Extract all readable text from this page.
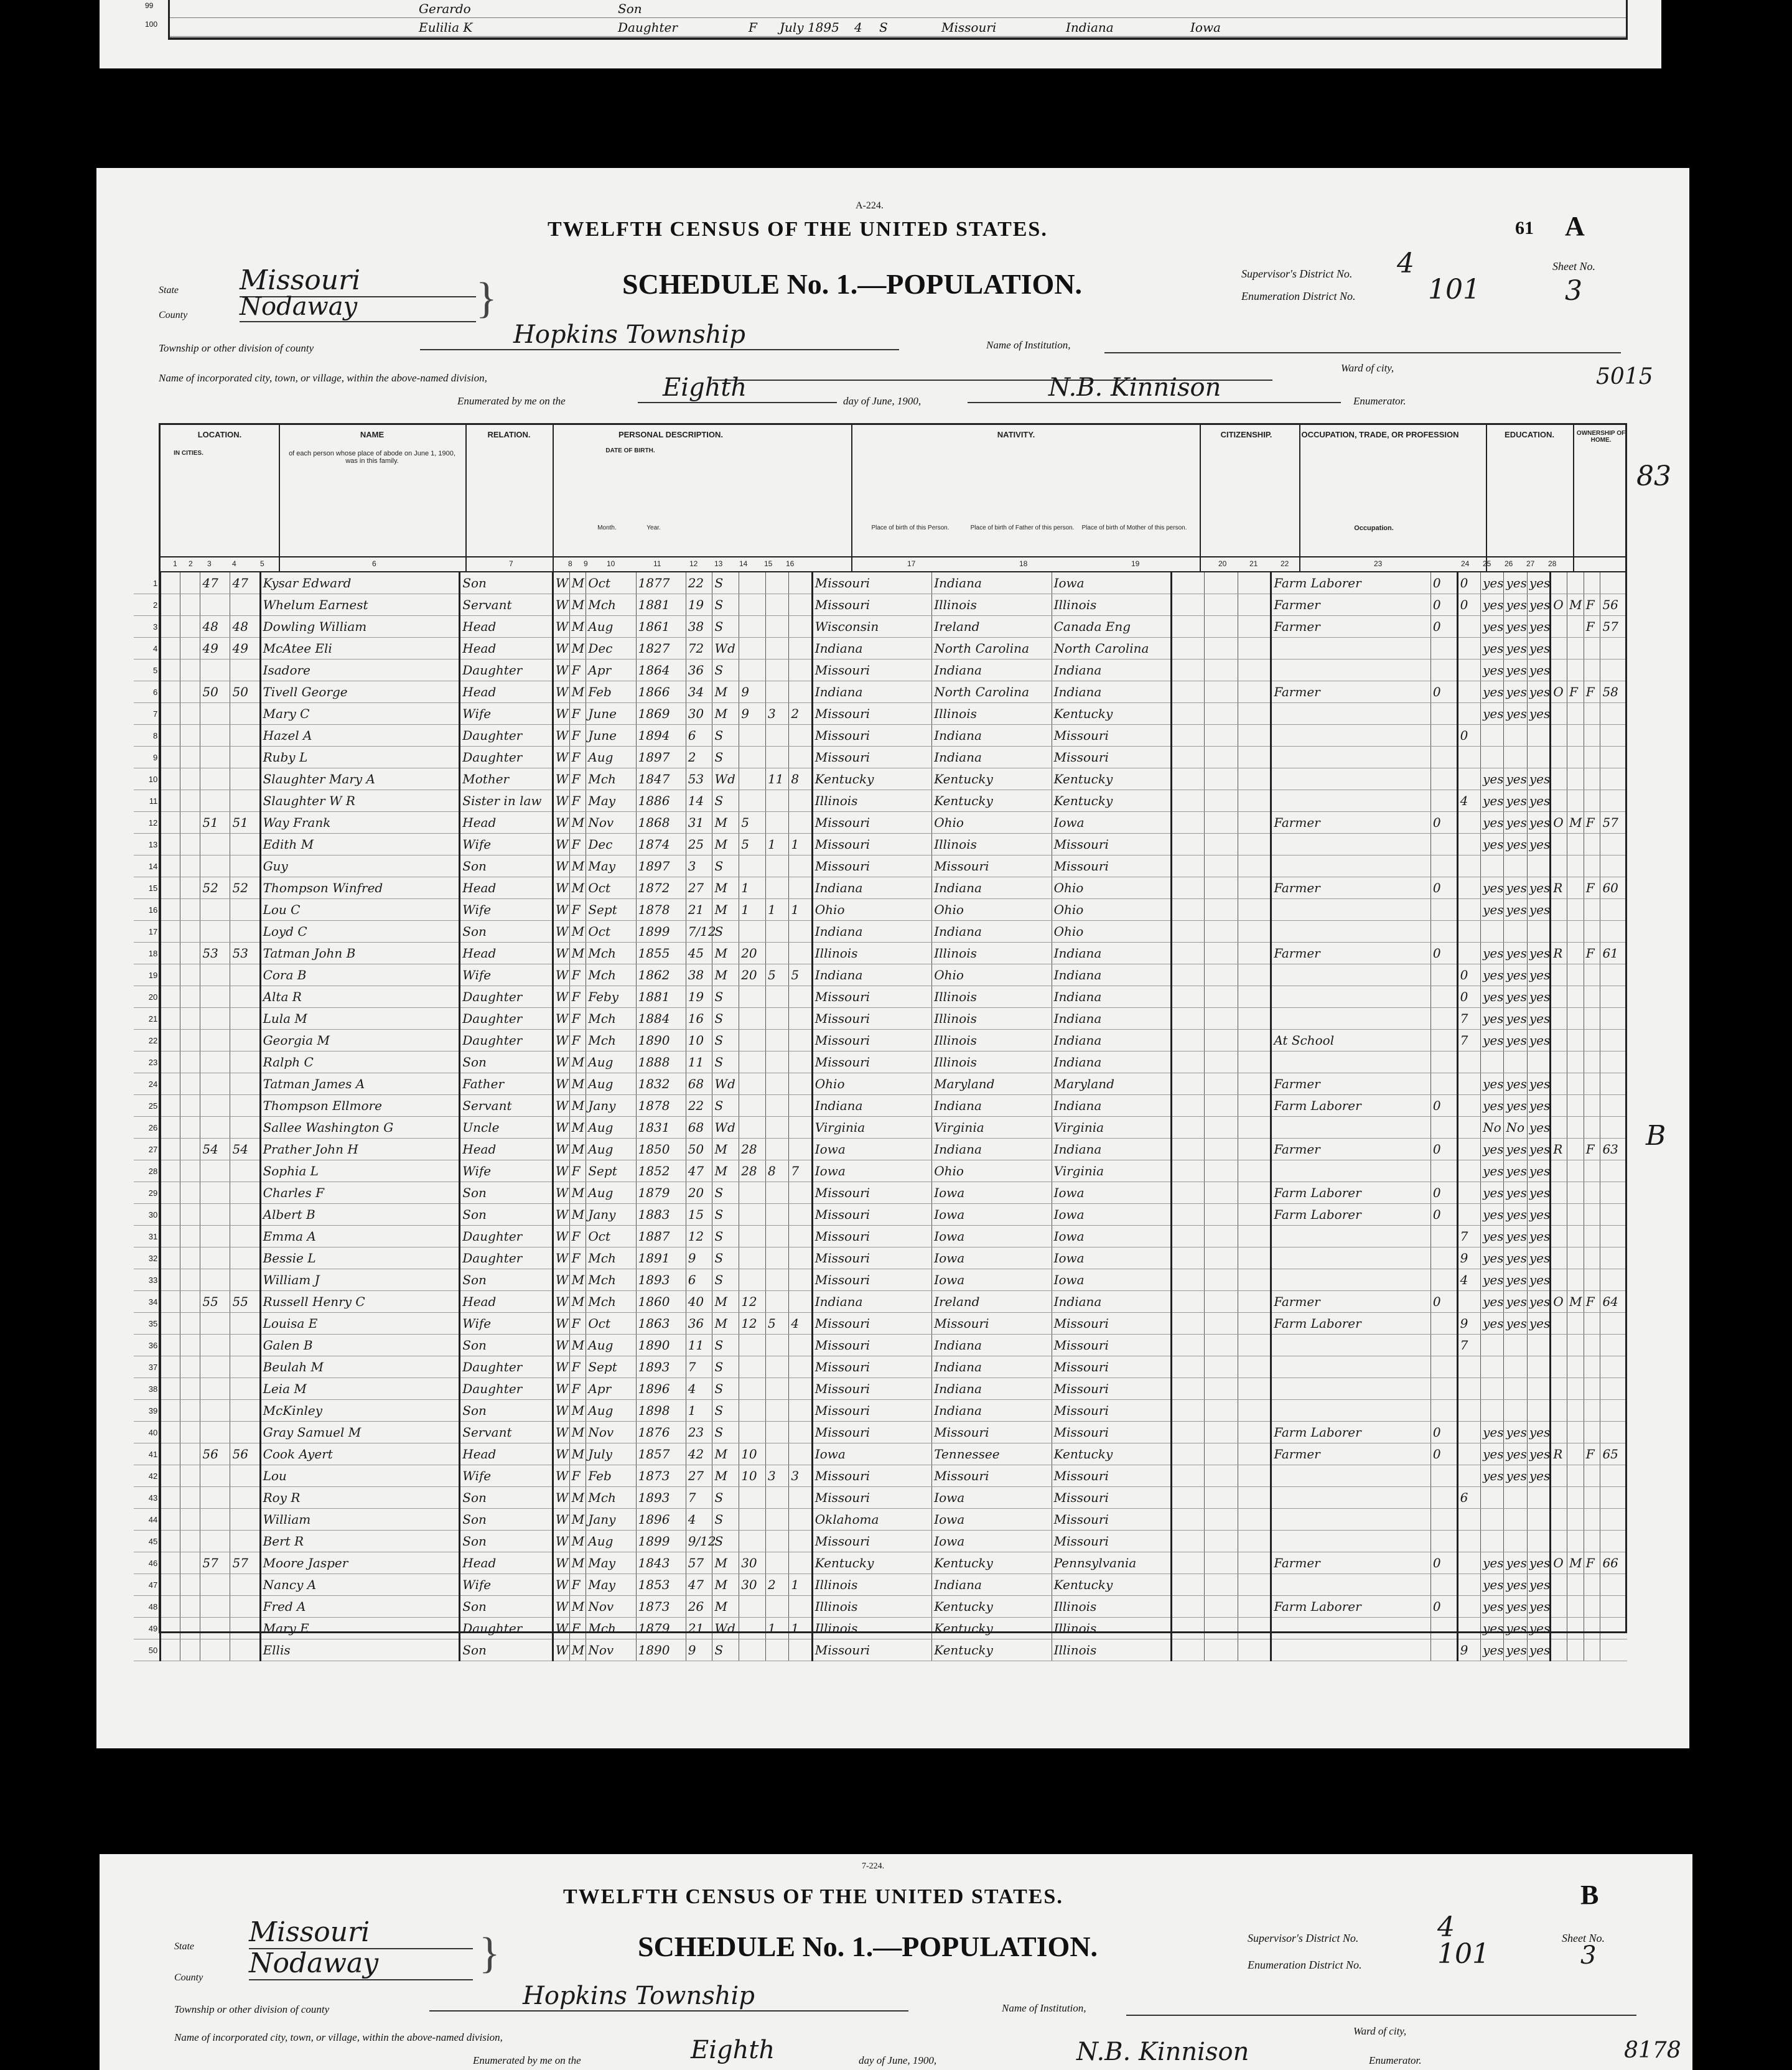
99	Gerardo	Son
100	Eulilia K	Daughter	F July 1895 4 S	Missouri	Indiana	Iowa
A-224.
TWELFTH CENSUS OF THE UNITED STATES.	61 A
State Missouri
County Nodaway	}	SCHEDULE No. 1.—POPULATION.	Supervisor's District No. 4
Enumeration District No.	101
Sheet No.
3
Township or other division of county	Hopkins Township	Name of Institution,
Name of incorporated city, town, or village, within the above-named division,
Ward of city,
Enumerated by me on the	Eighth	day of June, 1900,	N.B. Kinnison	Enumerator.
5015
LOCATION.
IN CITIES.
NAME
of each person whose place of abode on June 1, 1900, was in this family.
RELATION.	PERSONAL DESCRIPTION.
DATE OF BIRTH.
Month.	Year.
NATIVITY.
Place of birth of this Person.	Place of birth of Father of this person. Place of birth of Mother of this person.
CITIZENSHIP.	OCCUPATION, TRADE, OR PROFESSION
Occupation.
EDUCATION.	OWNERSHIP OF HOME.
1 2 3	4	5	6	7	8 9	10	11	12 13 14 15 16	17	18	19	20	21	22	23	24 25 26 27 28
1			47	47	Kysar Edward	Son	W	M	Oct	1877	22	S				Missouri	Indiana	Iowa				Farm Laborer	0	0	yes	yes	yes				
2					Whelum Earnest	Servant	W	M	Mch	1881	19	S				Missouri	Illinois	Illinois				Farmer	0	0	yes	yes	yes	O	M	F	56
3			48	48	Dowling William	Head	W	M	Aug	1861	38	S				Wisconsin	Ireland	Canada Eng				Farmer	0		yes	yes	yes			F	57
4			49	49	McAtee Eli	Head	W	M	Dec	1827	72	Wd				Indiana	North Carolina	North Carolina							yes	yes	yes				
5					Isadore	Daughter	W	F	Apr	1864	36	S				Missouri	Indiana	Indiana							yes	yes	yes				
6			50	50	Tivell George	Head	W	M	Feb	1866	34	M	9			Indiana	North Carolina	Indiana				Farmer	0		yes	yes	yes	O	F	F	58
7					Mary C	Wife	W	F	June	1869	30	M	9	3	2	Missouri	Illinois	Kentucky							yes	yes	yes				
8					Hazel A	Daughter	W	F	June	1894	6	S				Missouri	Indiana	Missouri						0							
9					Ruby L	Daughter	W	F	Aug	1897	2	S				Missouri	Indiana	Missouri													
10					Slaughter Mary A	Mother	W	F	Mch	1847	53	Wd		11	8	Kentucky	Kentucky	Kentucky							yes	yes	yes				
11					Slaughter W R	Sister in law	W	F	May	1886	14	S				Illinois	Kentucky	Kentucky						4	yes	yes	yes				
12			51	51	Way Frank	Head	W	M	Nov	1868	31	M	5			Missouri	Ohio	Iowa				Farmer	0		yes	yes	yes	O	M	F	57
13					Edith M	Wife	W	F	Dec	1874	25	M	5	1	1	Missouri	Illinois	Missouri							yes	yes	yes				
14					Guy	Son	W	M	May	1897	3	S				Missouri	Missouri	Missouri													
15			52	52	Thompson Winfred	Head	W	M	Oct	1872	27	M	1			Indiana	Indiana	Ohio				Farmer	0		yes	yes	yes	R		F	60
16					Lou C	Wife	W	F	Sept	1878	21	M	1	1	1	Ohio	Ohio	Ohio							yes	yes	yes				
17					Loyd C	Son	W	M	Oct	1899	7/12	S				Indiana	Indiana	Ohio													
18			53	53	Tatman John B	Head	W	M	Mch	1855	45	M	20			Illinois	Illinois	Indiana				Farmer	0		yes	yes	yes	R		F	61
19					Cora B	Wife	W	F	Mch	1862	38	M	20	5	5	Indiana	Ohio	Indiana						0	yes	yes	yes				
20					Alta R	Daughter	W	F	Feby	1881	19	S				Missouri	Illinois	Indiana						0	yes	yes	yes				
21					Lula M	Daughter	W	F	Mch	1884	16	S				Missouri	Illinois	Indiana						7	yes	yes	yes				
22					Georgia M	Daughter	W	F	Mch	1890	10	S				Missouri	Illinois	Indiana				At School		7	yes	yes	yes				
23					Ralph C	Son	W	M	Aug	1888	11	S				Missouri	Illinois	Indiana													
24					Tatman James A	Father	W	M	Aug	1832	68	Wd				Ohio	Maryland	Maryland				Farmer			yes	yes	yes				
25					Thompson Ellmore	Servant	W	M	Jany	1878	22	S				Indiana	Indiana	Indiana				Farm Laborer	0		yes	yes	yes				
26					Sallee Washington G	Uncle	W	M	Aug	1831	68	Wd				Virginia	Virginia	Virginia							No	No	yes				
27			54	54	Prather John H	Head	W	M	Aug	1850	50	M	28			Iowa	Indiana	Indiana				Farmer	0		yes	yes	yes	R		F	63
28					Sophia L	Wife	W	F	Sept	1852	47	M	28	8	7	Iowa	Ohio	Virginia							yes	yes	yes				
29					Charles F	Son	W	M	Aug	1879	20	S				Missouri	Iowa	Iowa				Farm Laborer	0		yes	yes	yes				
30					Albert B	Son	W	M	Jany	1883	15	S				Missouri	Iowa	Iowa				Farm Laborer	0		yes	yes	yes				
31					Emma A	Daughter	W	F	Oct	1887	12	S				Missouri	Iowa	Iowa						7	yes	yes	yes				
32					Bessie L	Daughter	W	F	Mch	1891	9	S				Missouri	Iowa	Iowa						9	yes	yes	yes				
33					William J	Son	W	M	Mch	1893	6	S				Missouri	Iowa	Iowa						4	yes	yes	yes				
34			55	55	Russell Henry C	Head	W	M	Mch	1860	40	M	12			Indiana	Ireland	Indiana				Farmer	0		yes	yes	yes	O	M	F	64
35					Louisa E	Wife	W	F	Oct	1863	36	M	12	5	4	Missouri	Missouri	Missouri				Farm Laborer		9	yes	yes	yes				
36					Galen B	Son	W	M	Aug	1890	11	S				Missouri	Indiana	Missouri						7							
37					Beulah M	Daughter	W	F	Sept	1893	7	S				Missouri	Indiana	Missouri													
38					Leia M	Daughter	W	F	Apr	1896	4	S				Missouri	Indiana	Missouri													
39					McKinley	Son	W	M	Aug	1898	1	S				Missouri	Indiana	Missouri													
40					Gray Samuel M	Servant	W	M	Nov	1876	23	S				Missouri	Missouri	Missouri				Farm Laborer	0		yes	yes	yes				
41			56	56	Cook Ayert	Head	W	M	July	1857	42	M	10			Iowa	Tennessee	Kentucky				Farmer	0		yes	yes	yes	R		F	65
42					Lou	Wife	W	F	Feb	1873	27	M	10	3	3	Missouri	Missouri	Missouri							yes	yes	yes				
43					Roy R	Son	W	M	Mch	1893	7	S				Missouri	Iowa	Missouri						6							
44					William	Son	W	M	Jany	1896	4	S				Oklahoma	Iowa	Missouri													
45					Bert R	Son	W	M	Aug	1899	9/12	S				Missouri	Iowa	Missouri													
46			57	57	Moore Jasper	Head	W	M	May	1843	57	M	30			Kentucky	Kentucky	Pennsylvania				Farmer	0		yes	yes	yes	O	M	F	66
47					Nancy A	Wife	W	F	May	1853	47	M	30	2	1	Illinois	Indiana	Kentucky							yes	yes	yes				
48					Fred A	Son	W	M	Nov	1873	26	M				Illinois	Kentucky	Illinois				Farm Laborer	0		yes	yes	yes				
49					Mary E	Daughter	W	F	Mch	1879	21	Wd		1	1	Illinois	Kentucky	Illinois							yes	yes	yes				
50					Ellis	Son	W	M	Nov	1890	9	S				Missouri	Kentucky	Illinois						9	yes	yes	yes				
83
B
7-224.
TWELFTH CENSUS OF THE UNITED STATES.	B
State Missouri
County Nodaway	}	SCHEDULE No. 1.—POPULATION.	Supervisor's District No.	4
Enumeration District No.	101	Sheet No.
3
Township or other division of county	Hopkins Township	Name of Institution,
Name of incorporated city, town, or village, within the above-named division,
Ward of city,
Enumerated by me on the	Eighth	day of June, 1900,	N.B. Kinnison	Enumerator.	8178
